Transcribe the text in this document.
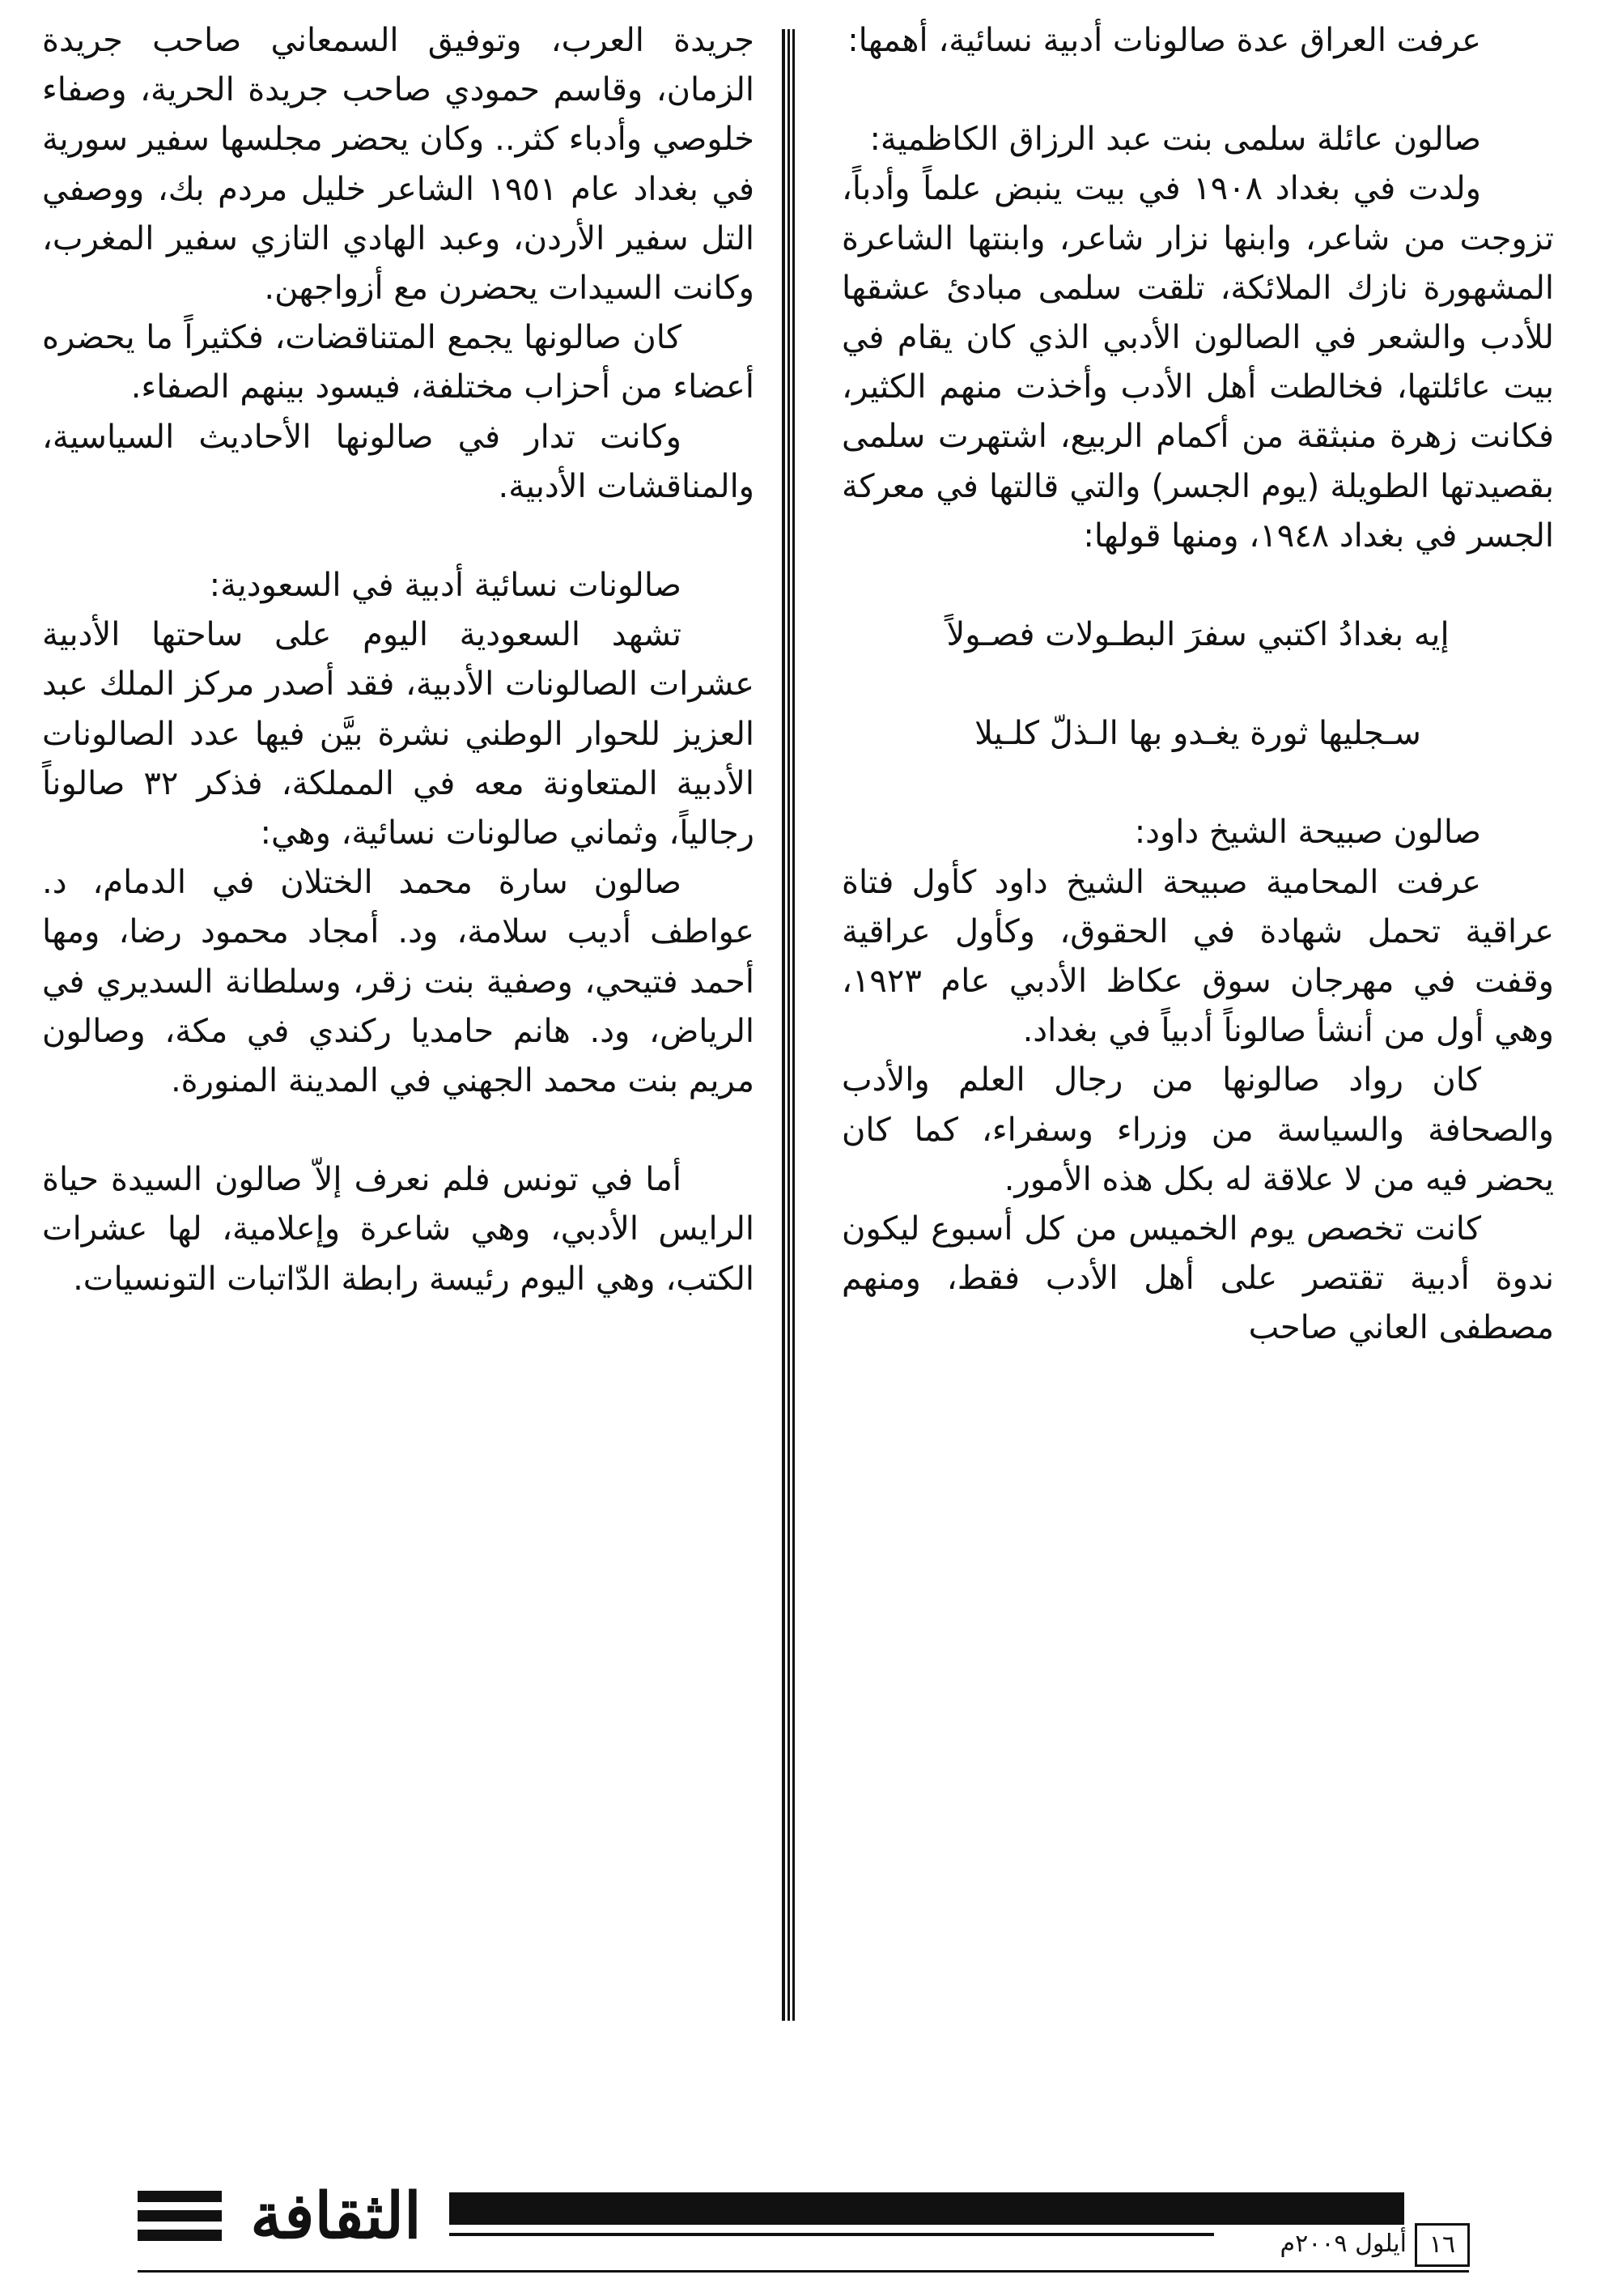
عرفت العراق عدة صالونات أدبية نسائية، أهمها:

صالون عائلة سلمى بنت عبد الرزاق الكاظمية:

ولدت في بغداد ١٩٠٨ في بيت ينبض علماً وأدباً، تزوجت من شاعر، وابنها نزار شاعر، وابنتها الشاعرة المشهورة نازك الملائكة، تلقت سلمى مبادئ عشقها للأدب والشعر في الصالون الأدبي الذي كان يقام في بيت عائلتها، فخالطت أهل الأدب وأخذت منهم الكثير، فكانت زهرة منبثقة من أكمام الربيع، اشتهرت سلمى بقصيدتها الطويلة (يوم الجسر) والتي قالتها في معركة الجسر في بغداد ١٩٤٨، ومنها قولها:

إيه بغدادُ اكتبي سفرَ البطـولات فصـولاً

سـجليها ثورة يغـدو بها الـذلّ كلـيلا

صالون صبيحة الشيخ داود:

عرفت المحامية صبيحة الشيخ داود كأول فتاة عراقية تحمل شهادة في الحقوق، وكأول عراقية وقفت في مهرجان سوق عكاظ الأدبي عام ١٩٢٣، وهي أول من أنشأ صالوناً أدبياً في بغداد.

كان رواد صالونها من رجال العلم والأدب والصحافة والسياسة من وزراء وسفراء، كما كان يحضر فيه من لا علاقة له بكل هذه الأمور.

كانت تخصص يوم الخميس من كل أسبوع ليكون ندوة أدبية تقتصر على أهل الأدب فقط، ومنهم مصطفى العاني صاحب

جريدة العرب، وتوفيق السمعاني صاحب جريدة الزمان، وقاسم حمودي صاحب جريدة الحرية، وصفاء خلوصي وأدباء كثر.. وكان يحضر مجلسها سفير سورية في بغداد عام ١٩٥١ الشاعر خليل مردم بك، ووصفي التل سفير الأردن، وعبد الهادي التازي سفير المغرب، وكانت السيدات يحضرن مع أزواجهن.

كان صالونها يجمع المتناقضات، فكثيراً ما يحضره أعضاء من أحزاب مختلفة، فيسود بينهم الصفاء.

وكانت تدار في صالونها الأحاديث السياسية، والمناقشات الأدبية.

صالونات نسائية أدبية في السعودية:

تشهد السعودية اليوم على ساحتها الأدبية عشرات الصالونات الأدبية، فقد أصدر مركز الملك عبد العزيز للحوار الوطني نشرة بيَّن فيها عدد الصالونات الأدبية المتعاونة معه في المملكة، فذكر ٣٢ صالوناً رجالياً، وثماني صالونات نسائية، وهي:

صالون سارة محمد الختلان في الدمام، د. عواطف أديب سلامة، ود. أمجاد محمود رضا، ومها أحمد فتيحي، وصفية بنت زقر، وسلطانة السديري في الرياض، ود. هانم حامديا ركندي في مكة، وصالون مريم بنت محمد الجهني في المدينة المنورة.

أما في تونس فلم نعرف إلاّ صالون السيدة حياة الرايس الأدبي، وهي شاعرة وإعلامية، لها عشرات الكتب، وهي اليوم رئيسة رابطة الدّاتبات التونسيات.

الثقافة	أيلول ٢٠٠٩م ١٦
